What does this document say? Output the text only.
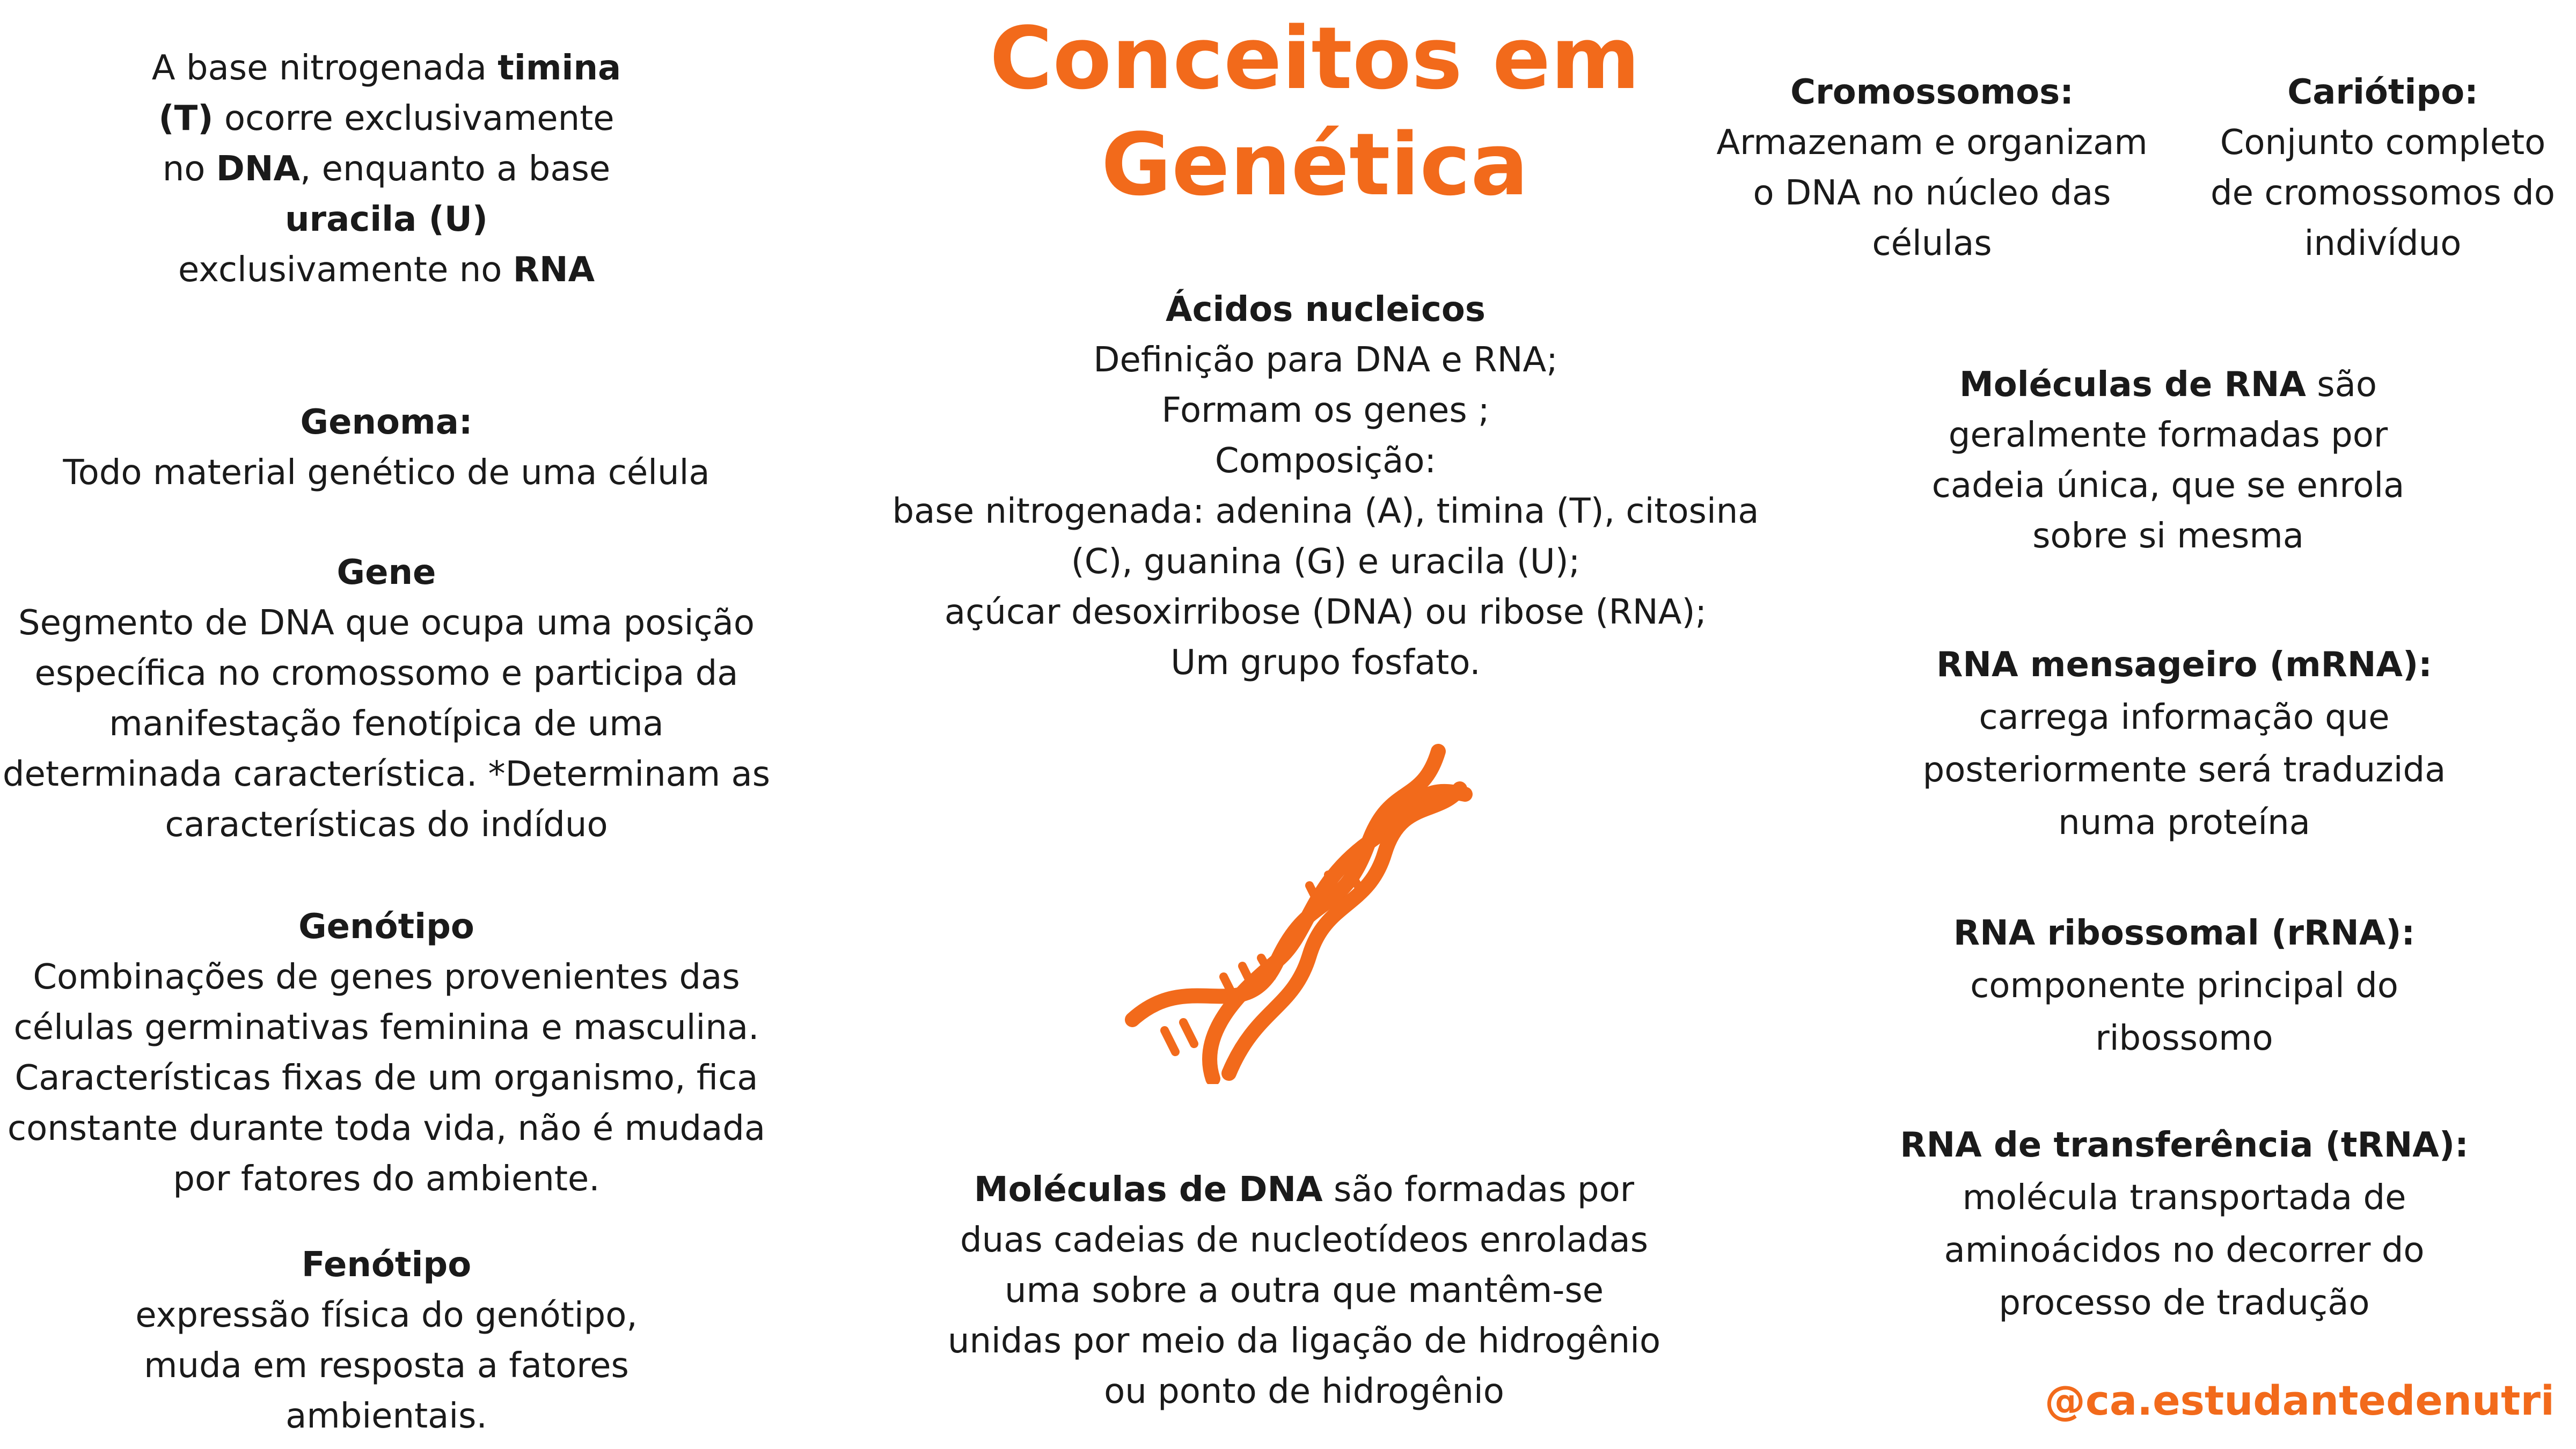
Conceitos em
Genética
A base nitrogenada timina
(T) ocorre exclusivamente
no DNA, enquanto a base
uracila (U)
exclusivamente no RNA
Genoma:
Todo material genético de uma célula
Gene
Segmento de DNA que ocupa uma posição
específica no cromossomo e participa da
manifestação fenotípica de uma
determinada característica. *Determinam as
características do indíduo
Genótipo
Combinações de genes provenientes das
células germinativas feminina e masculina.
Características fixas de um organismo, fica
constante durante toda vida, não é mudada
por fatores do ambiente.
Fenótipo
expressão física do genótipo,
muda em resposta a fatores
ambientais.
Ácidos nucleicos
Definição para DNA e RNA;
Formam os genes ;
Composição:
base nitrogenada: adenina (A), timina (T), citosina
(C), guanina (G) e uracila (U);
açúcar desoxirribose (DNA) ou ribose (RNA);
Um grupo fosfato.
Moléculas de DNA são formadas por
duas cadeias de nucleotídeos enroladas
uma sobre a outra que mantêm-se
unidas por meio da ligação de hidrogênio
ou ponto de hidrogênio
Cromossomos:
Armazenam e organizam
o DNA no núcleo das
células
Cariótipo:
Conjunto completo
de cromossomos do
indivíduo
Moléculas de RNA são
geralmente formadas por
cadeia única, que se enrola
sobre si mesma
RNA mensageiro (mRNA):
carrega informação que
posteriormente será traduzida
numa proteína
RNA ribossomal (rRNA):
componente principal do
ribossomo
RNA de transferência (tRNA):
molécula transportada de
aminoácidos no decorrer do
processo de tradução
@ca.estudantedenutri
